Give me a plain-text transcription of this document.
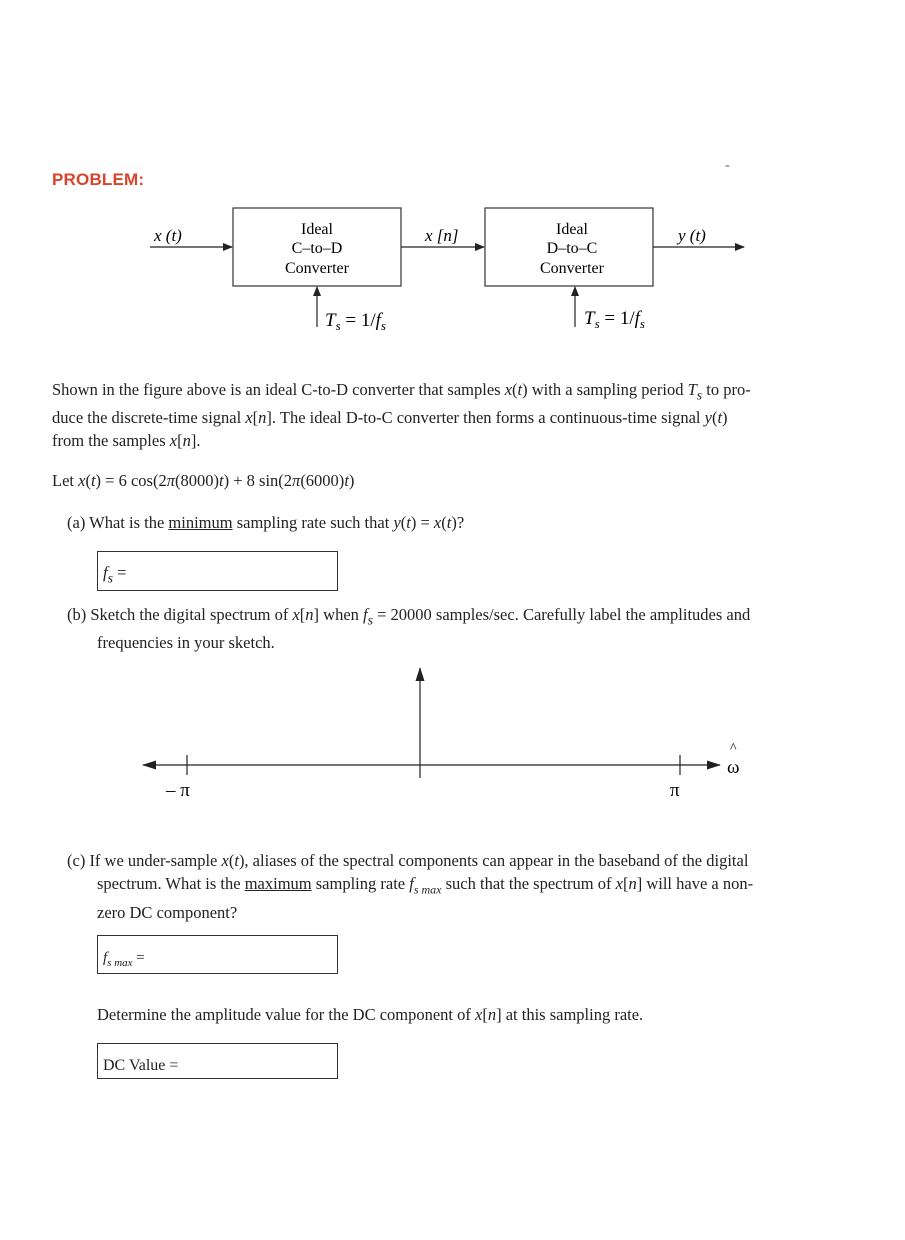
PROBLEM:
-
x (t)	Ideal
C–to–D
Converter
x [n]	Ideal
D–to–C
Converter
y (t)
$T_s = 1/f_s$	$T_s = 1/f_s$
Shown in the figure above is an ideal C-to-D converter that samples x(t) with a sampling period $T_s$ to pro-
duce the discrete-time signal x[n]. The ideal D-to-C converter then forms a continuous-time signal y(t)
from the samples x[n].
Let x(t) = 6 cos(2π(8000)t) + 8 sin(2π(6000)t)
(a) What is the minimum sampling rate such that y(t) = x(t)?
$f_s$ =
(b) Sketch the digital spectrum of x[n] when $f_s = 20000$ samples/sec. Carefully label the amplitudes and
frequencies in your sketch.
– π	π
^
ω
(c) If we under-sample x(t), aliases of the spectral components can appear in the baseband of the digital
spectrum. What is the maximum sampling rate $f_{s max}$ such that the spectrum of x[n] will have a non-
zero DC component?
$f_{s max}$ =
Determine the amplitude value for the DC component of x[n] at this sampling rate.
DC Value =
